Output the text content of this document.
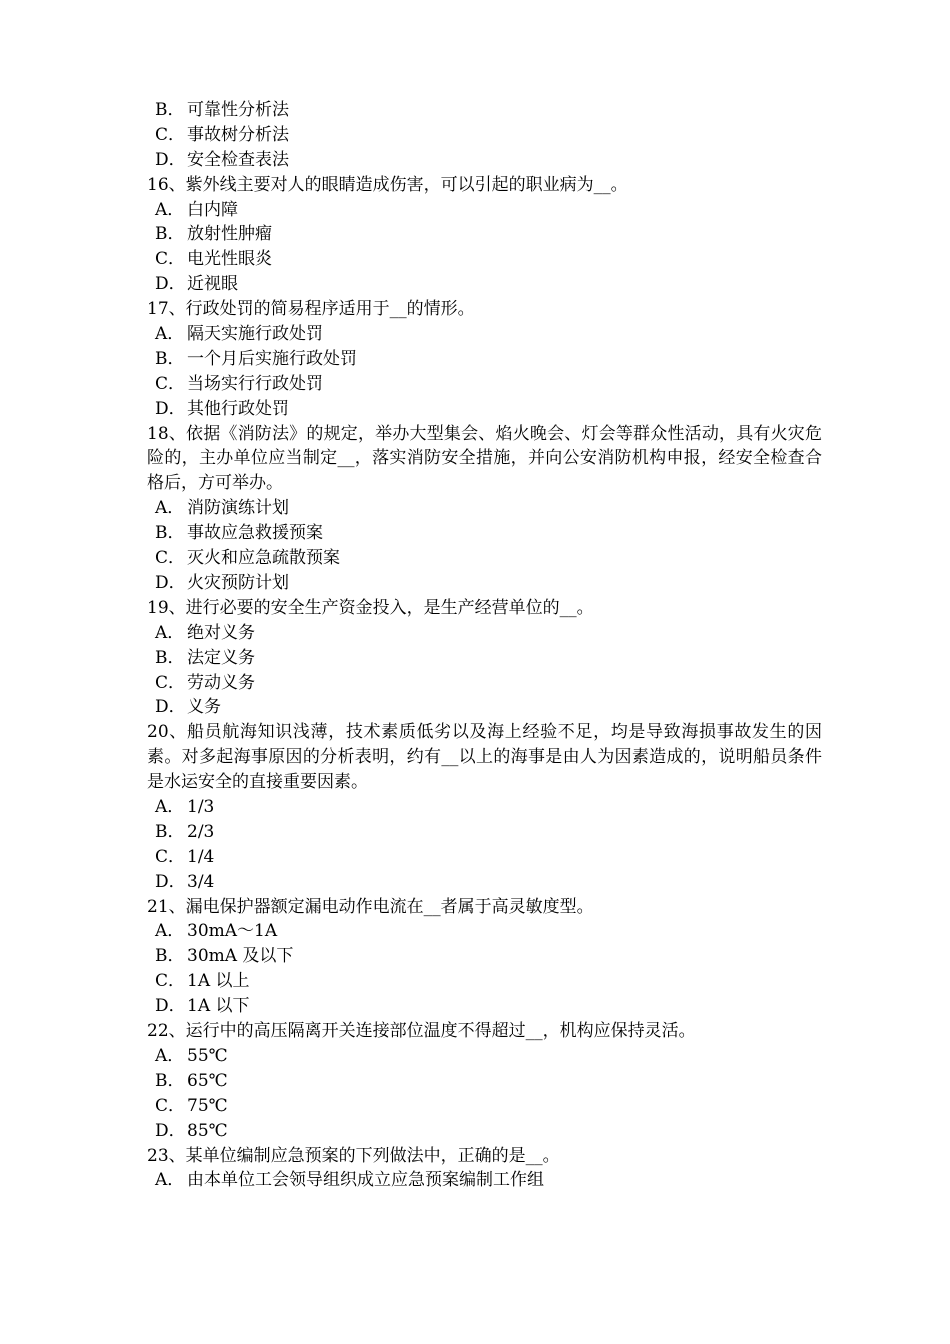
B． 可靠性分析法
C． 事故树分析法
D．安全检查表法
16、紫外线主要对人的眼睛造成伤害，可以引起的职业病为__。
A． 白内障
B． 放射性肿瘤
C． 电光性眼炎
D．近视眼
17、行政处罚的简易程序适用于__的情形。
A． 隔天实施行政处罚
B． 一个月后实施行政处罚
C． 当场实行行政处罚
D．其他行政处罚
18、依据《消防法》的规定，举办大型集会、焰火晚会、灯会等群众性活动，具有火灾危险的，主办单位应当制定__，落实消防安全措施，并向公安消防机构申报，经安全检查合格后，方可举办。
A． 消防演练计划
B． 事故应急救援预案
C． 灭火和应急疏散预案
D．火灾预防计划
19、进行必要的安全生产资金投入，是生产经营单位的__。
A． 绝对义务
B． 法定义务
C． 劳动义务
D．义务
20、船员航海知识浅薄，技术素质低劣以及海上经验不足，均是导致海损事故发生的因素。对多起海事原因的分析表明，约有__以上的海事是由人为因素造成的，说明船员条件是水运安全的直接重要因素。
A． 1/3
B． 2/3
C． 1/4
D．3/4
21、漏电保护器额定漏电动作电流在__者属于高灵敏度型。
A． 30mA～1A
B． 30mA 及以下
C． 1A 以上
D．1A 以下
22、运行中的高压隔离开关连接部位温度不得超过__，机构应保持灵活。
A． 55℃
B． 65℃
C． 75℃
D．85℃
23、某单位编制应急预案的下列做法中，正确的是__。
A． 由本单位工会领导组织成立应急预案编制工作组
